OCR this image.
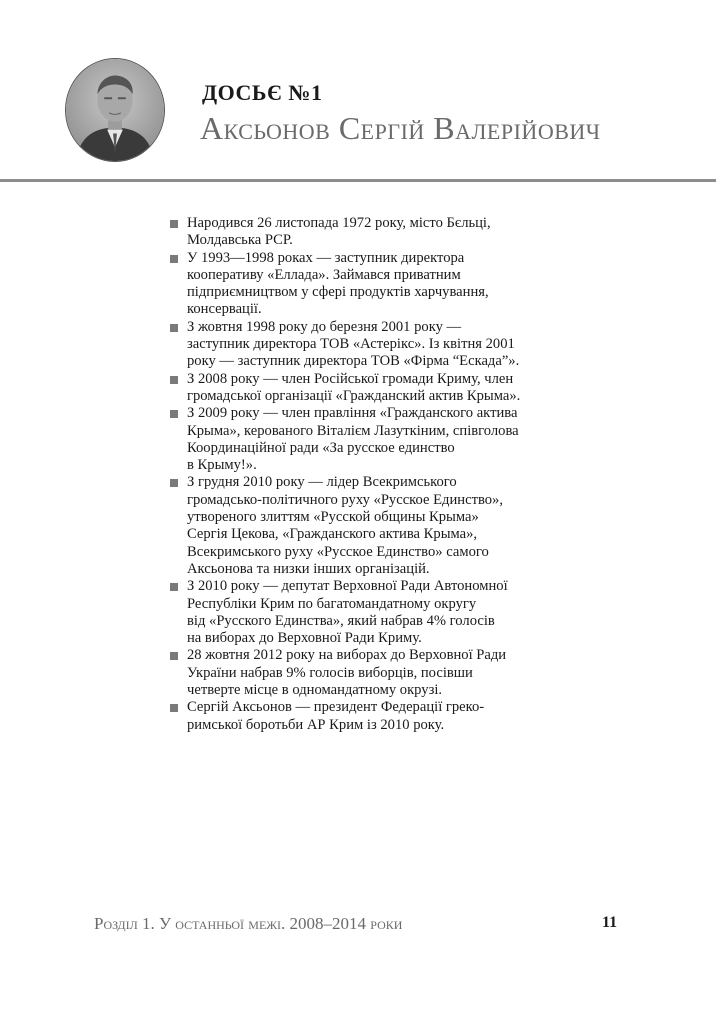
ДОСЬЄ №1
Аксьонов Сергій Валерійович
Народився 26 листопада 1972 року, місто Бєльці,
Молдавська РСР.
У 1993—1998 роках — заступник директора
кооперативу «Еллада». Займався приватним
підприємництвом у сфері продуктів харчування,
консервації.
З жовтня 1998 року до березня 2001 року —
заступник директора ТОВ «Астерікс». Із квітня 2001
року — заступник директора ТОВ «Фірма “Ескада”».
З 2008 року — член Російської громади Криму, член
громадської організації «Гражданский актив Крыма».
З 2009 року — член правління «Гражданского актива
Крыма», керованого Віталієм Лазуткіним, співголова
Координаційної ради «За русское единство
в Крыму!».
З грудня 2010 року — лідер Всекримського
громадсько-політичного руху «Русское Единство»,
утвореного злиттям «Русской общины Крыма»
Сергія Цекова, «Гражданского актива Крыма»,
Всекримського руху «Русское Единство» самого
Аксьонова та низки інших організацій.
З 2010 року — депутат Верховної Ради Автономної
Республіки Крим по багатомандатному округу
від «Русского Единства», який набрав 4% голосів
на виборах до Верховної Ради Криму.
28 жовтня 2012 року на виборах до Верховної Ради
України набрав 9% голосів виборців, посівши
четверте місце в одномандатному окрузі.
Сергій Аксьонов — президент Федерації греко-
римської боротьби АР Крим із 2010 року.
Розділ 1. У останньої межі. 2008–2014 роки	11
